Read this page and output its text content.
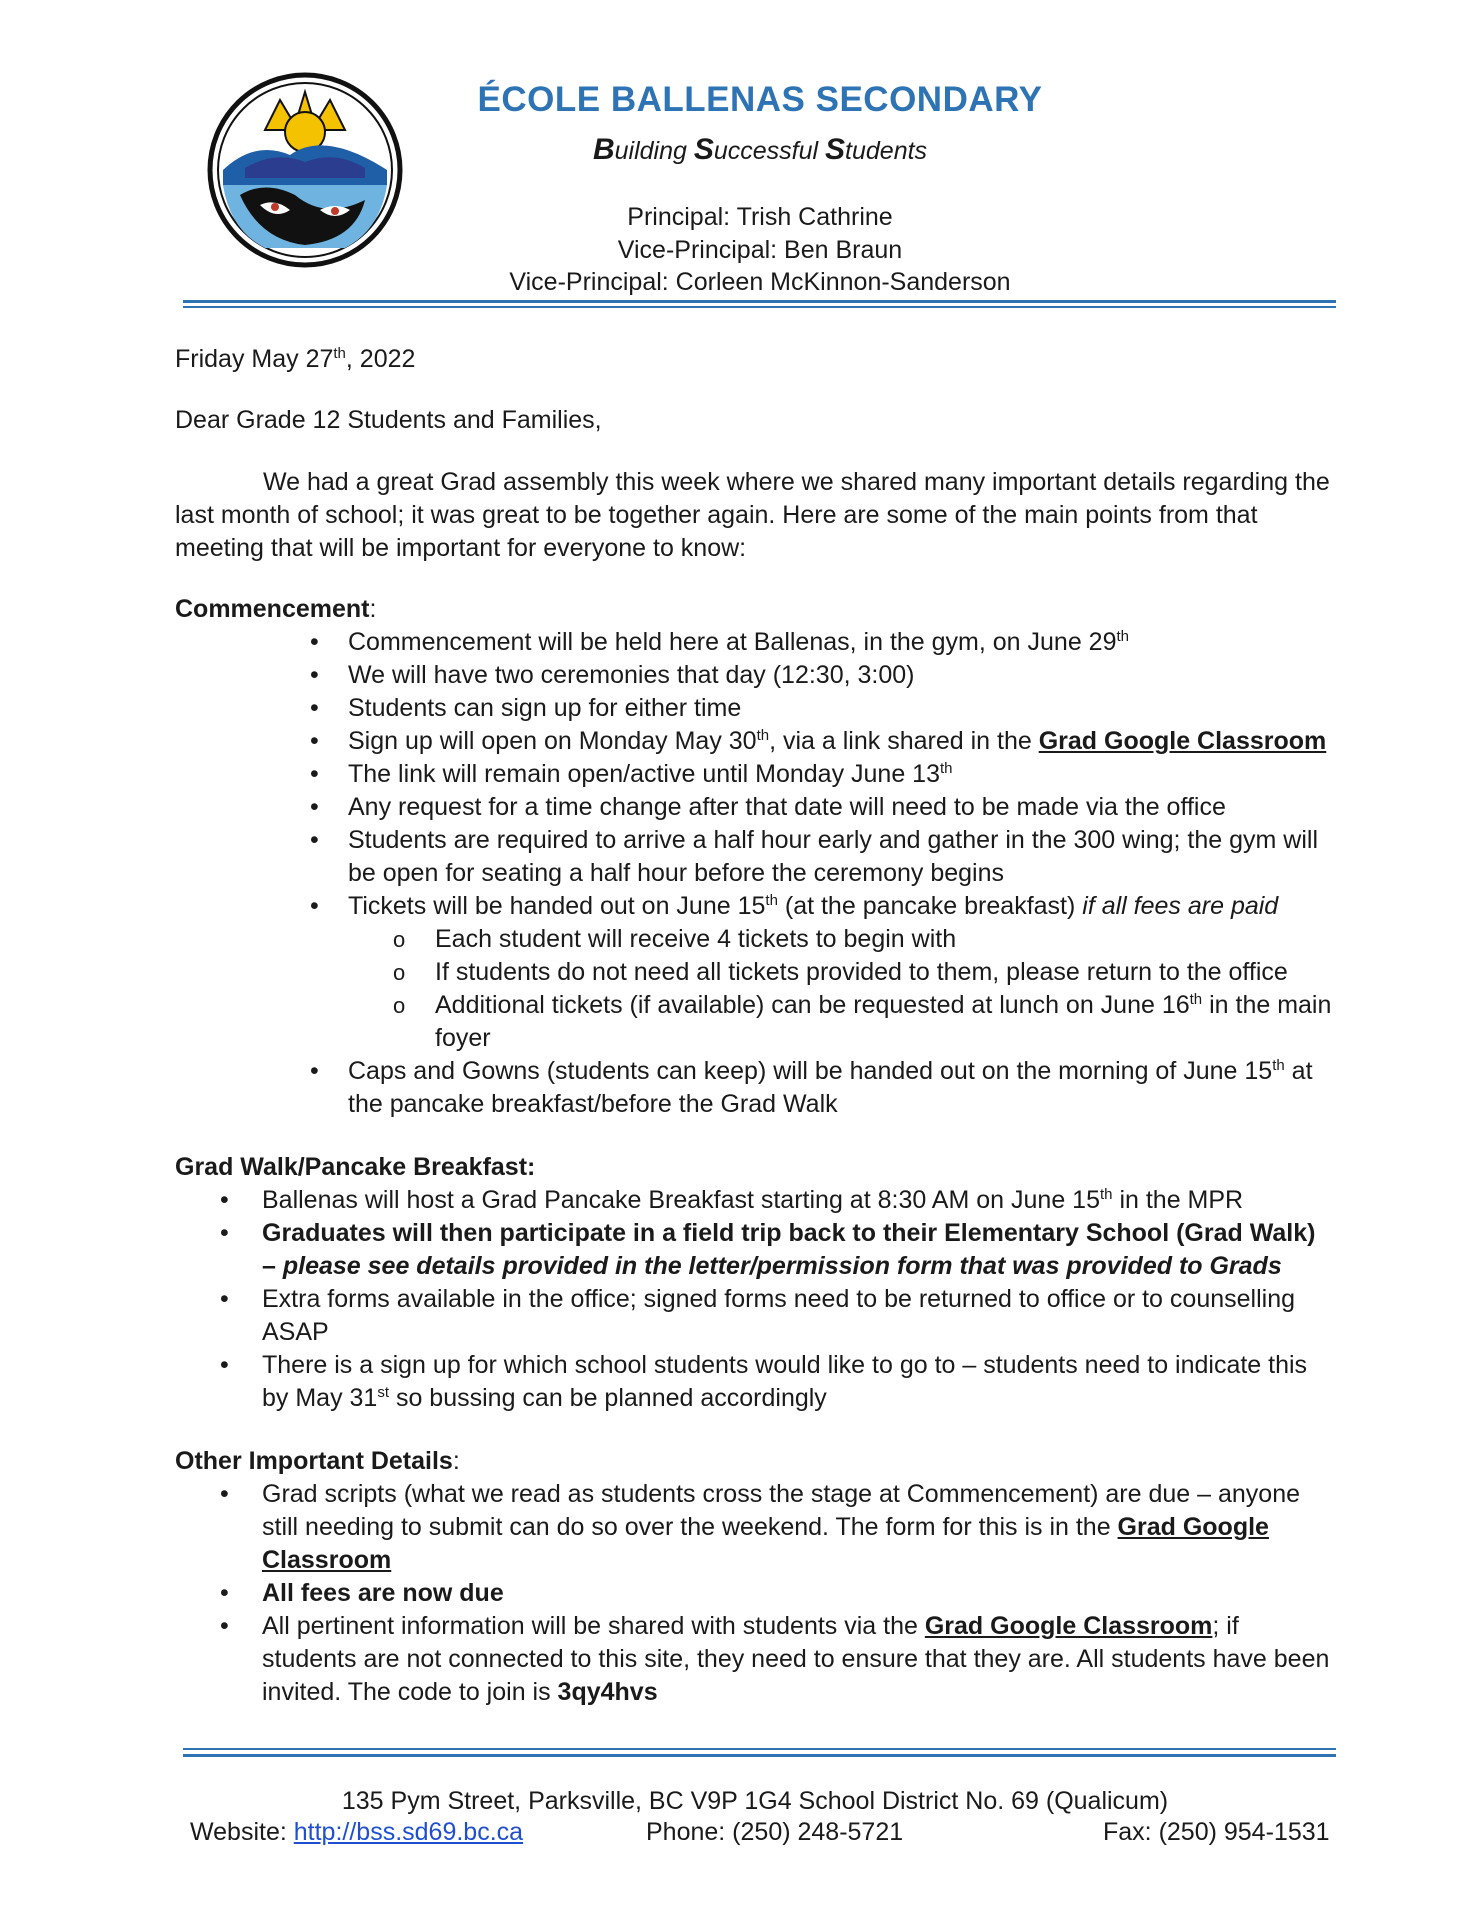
ÉCOLE BALLENAS SECONDARY
Building Successful Students
Principal: Trish Cathrine
Vice-Principal: Ben Braun
Vice-Principal: Corleen McKinnon-Sanderson

Friday May 27th, 2022

Dear Grade 12 Students and Families,

We had a great Grad assembly this week where we shared many important details regarding the last month of school; it was great to be together again. Here are some of the main points from that meeting that will be important for everyone to know:

Commencement:

• Commencement will be held here at Ballenas, in the gym, on June 29th
• We will have two ceremonies that day (12:30, 3:00)
• Students can sign up for either time
• Sign up will open on Monday May 30th, via a link shared in the Grad Google Classroom
• The link will remain open/active until Monday June 13th
• Any request for a time change after that date will need to be made via the office
• Students are required to arrive a half hour early and gather in the 300 wing; the gym will be open for seating a half hour before the ceremony begins
• Tickets will be handed out on June 15th (at the pancake breakfast) if all fees are paid
o Each student will receive 4 tickets to begin with
o If students do not need all tickets provided to them, please return to the office
o Additional tickets (if available) can be requested at lunch on June 16th in the main foyer
• Caps and Gowns (students can keep) will be handed out on the morning of June 15th at the pancake breakfast/before the Grad Walk

Grad Walk/Pancake Breakfast:

• Ballenas will host a Grad Pancake Breakfast starting at 8:30 AM on June 15th in the MPR
• Graduates will then participate in a field trip back to their Elementary School (Grad Walk) – please see details provided in the letter/permission form that was provided to Grads
• Extra forms available in the office; signed forms need to be returned to office or to counselling ASAP
• There is a sign up for which school students would like to go to – students need to indicate this by May 31st so bussing can be planned accordingly

Other Important Details:

• Grad scripts (what we read as students cross the stage at Commencement) are due – anyone still needing to submit can do so over the weekend. The form for this is in the Grad Google Classroom
• All fees are now due
• All pertinent information will be shared with students via the Grad Google Classroom; if students are not connected to this site, they need to ensure that they are. All students have been invited. The code to join is 3qy4hvs
135 Pym Street, Parksville, BC V9P 1G4 School District No. 69 (Qualicum)
Website: http://bss.sd69.bc.ca	Phone: (250) 248-5721	Fax: (250) 954-1531
